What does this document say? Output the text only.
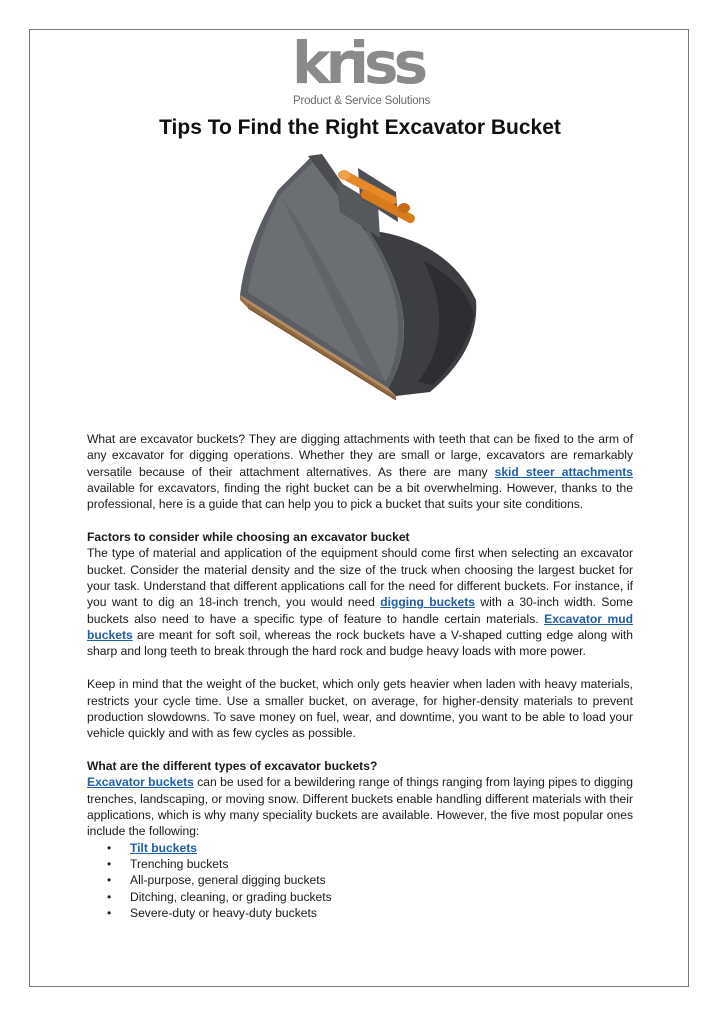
kriss
Product & Service Solutions
Tips To Find the Right Excavator Bucket

What are excavator buckets? They are digging attachments with teeth that can be fixed to the arm of any excavator for digging operations. Whether they are small or large, excavators are remarkably versatile because of their attachment alternatives. As there are many skid steer attachments available for excavators, finding the right bucket can be a bit overwhelming. However, thanks to the professional, here is a guide that can help you to pick a bucket that suits your site conditions.

Factors to consider while choosing an excavator bucket

The type of material and application of the equipment should come first when selecting an excavator bucket. Consider the material density and the size of the truck when choosing the largest bucket for your task. Understand that different applications call for the need for different buckets. For instance, if you want to dig an 18-inch trench, you would need digging buckets with a 30-inch width. Some buckets also need to have a specific type of feature to handle certain materials. Excavator mud buckets are meant for soft soil, whereas the rock buckets have a V-shaped cutting edge along with sharp and long teeth to break through the hard rock and budge heavy loads with more power.

Keep in mind that the weight of the bucket, which only gets heavier when laden with heavy materials, restricts your cycle time. Use a smaller bucket, on average, for higher-density materials to prevent production slowdowns. To save money on fuel, wear, and downtime, you want to be able to load your vehicle quickly and with as few cycles as possible.

What are the different types of excavator buckets?
Excavator buckets can be used for a bewildering range of things ranging from laying pipes to digging trenches, landscaping, or moving snow. Different buckets enable handling different materials with their applications, which is why many speciality buckets are available. However, the five most popular ones include the following:
• Tilt buckets
• Trenching buckets
• All-purpose, general digging buckets
• Ditching, cleaning, or grading buckets
• Severe-duty or heavy-duty buckets
